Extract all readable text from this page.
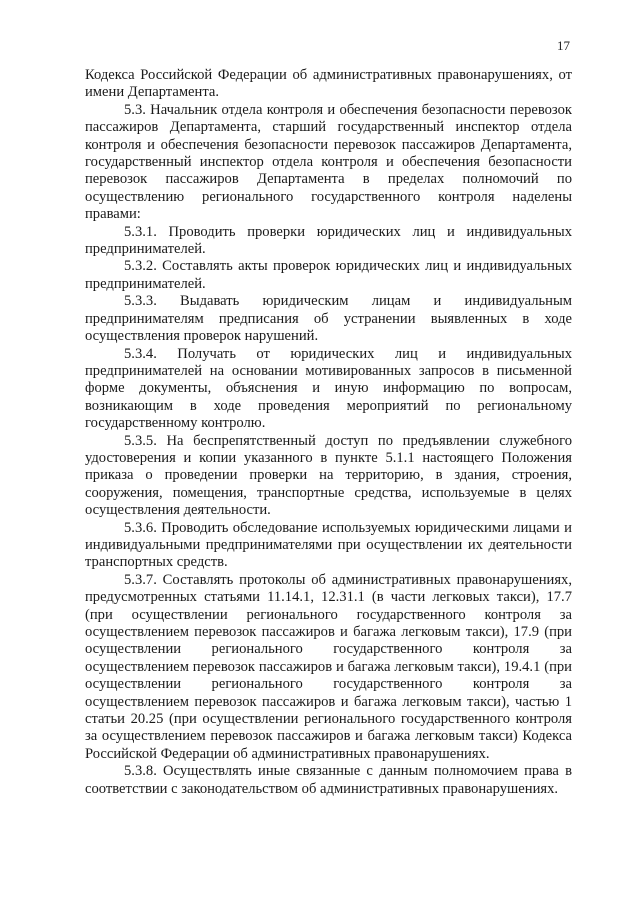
17

Кодекса Российской Федерации об административных правонарушениях, от имени Департамента.

5.3. Начальник отдела контроля и обеспечения безопасности перевозок пассажиров Департамента, старший государственный инспектор отдела контроля и обеспечения безопасности перевозок пассажиров Департамента, государственный инспектор отдела контроля и обеспечения безопасности перевозок пассажиров Департамента в пределах полномочий по осуществлению регионального государственного контроля наделены правами:

5.3.1. Проводить проверки юридических лиц и индивидуальных предпринимателей.

5.3.2. Составлять акты проверок юридических лиц и индивидуальных предпринимателей.

5.3.3. Выдавать юридическим лицам и индивидуальным предпринимателям предписания об устранении выявленных в ходе осуществления проверок нарушений.

5.3.4. Получать от юридических лиц и индивидуальных предпринимателей на основании мотивированных запросов в письменной форме документы, объяснения и иную информацию по вопросам, возникающим в ходе проведения мероприятий по региональному государственному контролю.

5.3.5. На беспрепятственный доступ по предъявлении служебного удостоверения и копии указанного в пункте 5.1.1 настоящего Положения приказа о проведении проверки на территорию, в здания, строения, сооружения, помещения, транспортные средства, используемые в целях осуществления деятельности.

5.3.6. Проводить обследование используемых юридическими лицами и индивидуальными предпринимателями при осуществлении их деятельности транспортных средств.

5.3.7. Составлять протоколы об административных правонарушениях, предусмотренных статьями 11.14.1, 12.31.1 (в части легковых такси), 17.7 (при осуществлении регионального государственного контроля за осуществлением перевозок пассажиров и багажа легковым такси), 17.9 (при осуществлении регионального государственного контроля за осуществлением перевозок пассажиров и багажа легковым такси), 19.4.1 (при осуществлении регионального государственного контроля за осуществлением перевозок пассажиров и багажа легковым такси), частью 1 статьи 20.25 (при осуществлении регионального государственного контроля за осуществлением перевозок пассажиров и багажа легковым такси) Кодекса Российской Федерации об административных правонарушениях.

5.3.8. Осуществлять иные связанные с данным полномочием права в соответствии с законодательством об административных правонарушениях.
